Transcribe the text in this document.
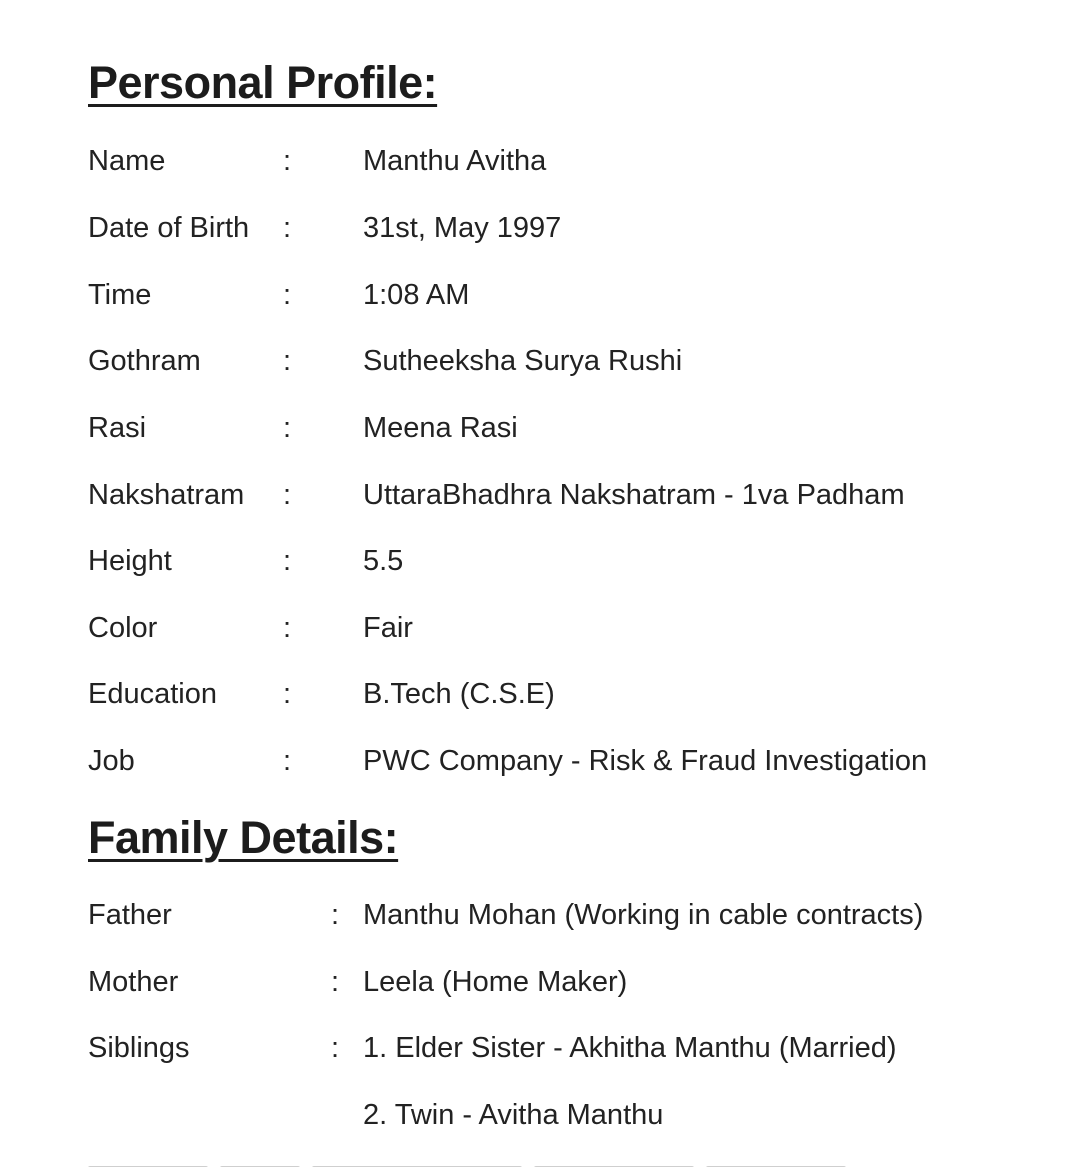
Personal Profile:
Name	: Manthu Avitha
Date of Birth : 31st, May 1997
Time	: 1:08 AM
Gothram	: Sutheeksha Surya Rushi
Rasi	: Meena Rasi
Nakshatram : UttaraBhadhra Nakshatram - 1va Padham
Height	: 5.5
Color	: Fair
Education : B.Tech (C.S.E)
Job	: PWC Company - Risk & Fraud Investigation
Family Details:
Father	: Manthu Mohan (Working in cable contracts)
Mother	: Leela (Home Maker)
Siblings	: 1. Elder Sister - Akhitha Manthu (Married)
2. Twin - Avitha Manthu
